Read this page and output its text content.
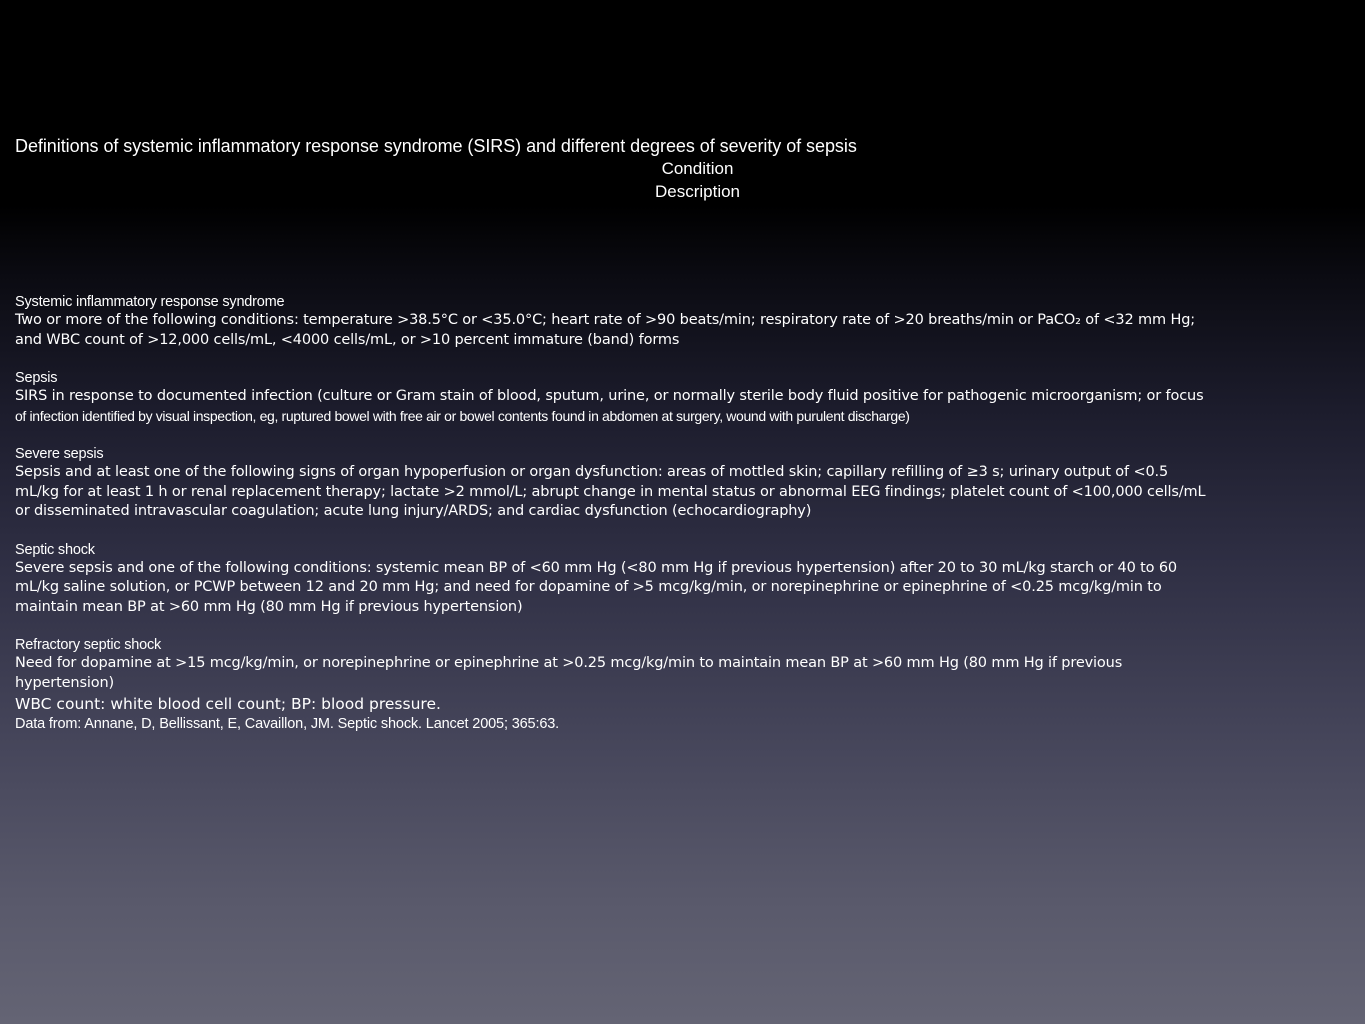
Definitions of systemic inflammatory response syndrome (SIRS) and different degrees of severity of sepsis
Condition
Description
Systemic inflammatory response syndrome
Two or more of the following conditions: temperature >38.5°C or <35.0°C; heart rate of >90 beats/min; respiratory rate of >20 breaths/min or PaCO₂ of <32 mm Hg;
and WBC count of >12,000 cells/mL, <4000 cells/mL, or >10 percent immature (band) forms
Sepsis
SIRS in response to documented infection (culture or Gram stain of blood, sputum, urine, or normally sterile body fluid positive for pathogenic microorganism; or focus
of infection identified by visual inspection, eg, ruptured bowel with free air or bowel contents found in abdomen at surgery, wound with purulent discharge)
Severe sepsis
Sepsis and at least one of the following signs of organ hypoperfusion or organ dysfunction: areas of mottled skin; capillary refilling of ≥3 s; urinary output of <0.5
mL/kg for at least 1 h or renal replacement therapy; lactate >2 mmol/L; abrupt change in mental status or abnormal EEG findings; platelet count of <100,000 cells/mL
or disseminated intravascular coagulation; acute lung injury/ARDS; and cardiac dysfunction (echocardiography)
Septic shock
Severe sepsis and one of the following conditions: systemic mean BP of <60 mm Hg (<80 mm Hg if previous hypertension) after 20 to 30 mL/kg starch or 40 to 60
mL/kg saline solution, or PCWP between 12 and 20 mm Hg; and need for dopamine of >5 mcg/kg/min, or norepinephrine or epinephrine of <0.25 mcg/kg/min to
maintain mean BP at >60 mm Hg (80 mm Hg if previous hypertension)
Refractory septic shock
Need for dopamine at >15 mcg/kg/min, or norepinephrine or epinephrine at >0.25 mcg/kg/min to maintain mean BP at >60 mm Hg (80 mm Hg if previous
hypertension)
WBC count: white blood cell count; BP: blood pressure.
Data from: Annane, D, Bellissant, E, Cavaillon, JM. Septic shock. Lancet 2005; 365:63.
